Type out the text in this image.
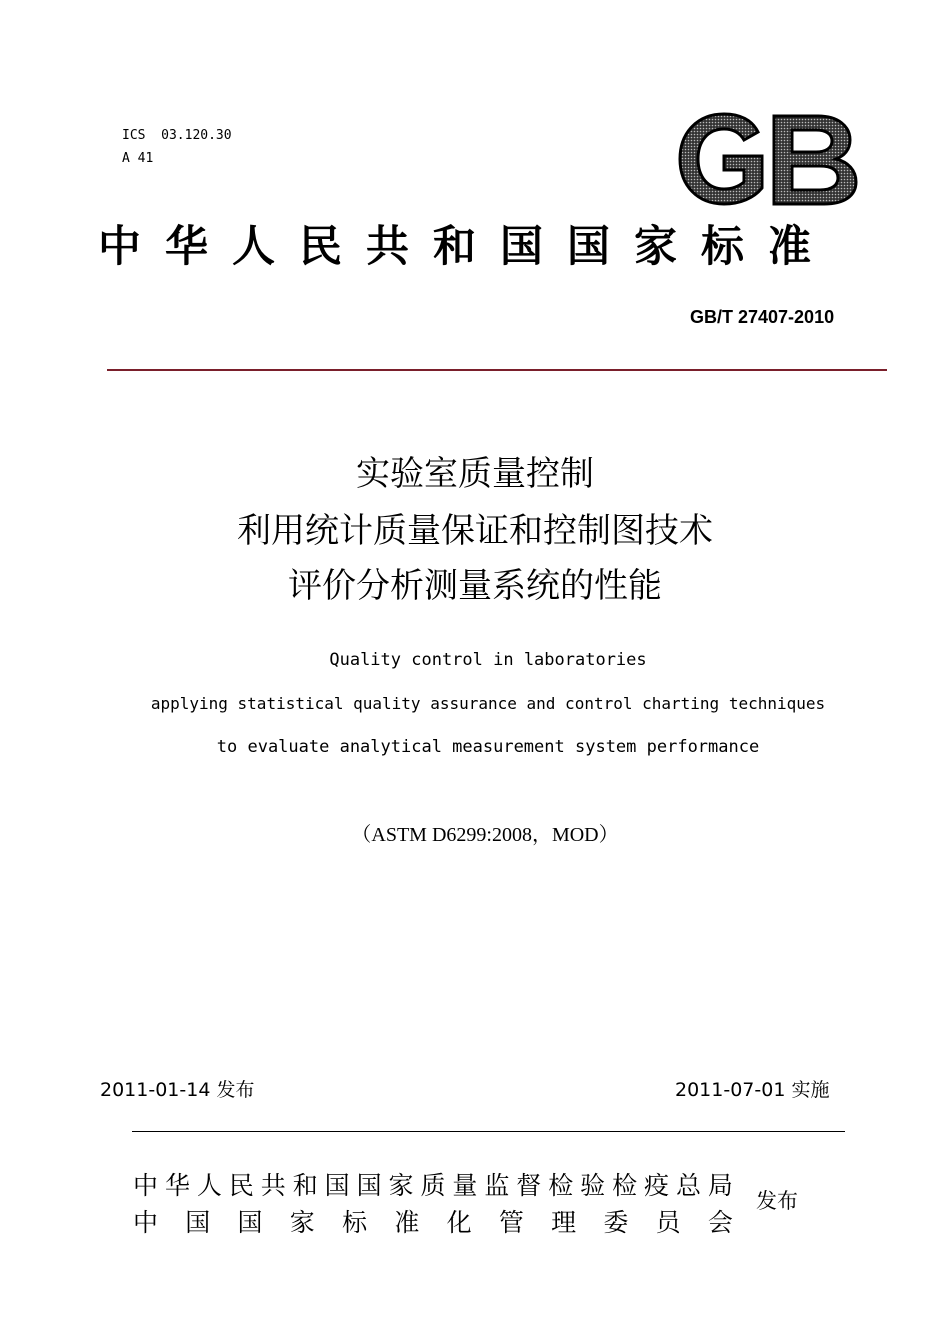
ICS  03.120.30
A 41
中华人民共和国国家标准
GB/T 27407-2010
实验室质量控制
利用统计质量保证和控制图技术
评价分析测量系统的性能
Quality control in laboratories
applying statistical quality assurance and control charting techniques
to evaluate analytical measurement system performance
（ASTM D6299:2008，MOD）
2011-01-14 发布	2011-07-01 实施
中 华 人 民 共 和 国 国 家 质 量 监 督 检 验 检 疫 总 局
中 国 国 家 标 准 化 管 理 委 员 会
发布
